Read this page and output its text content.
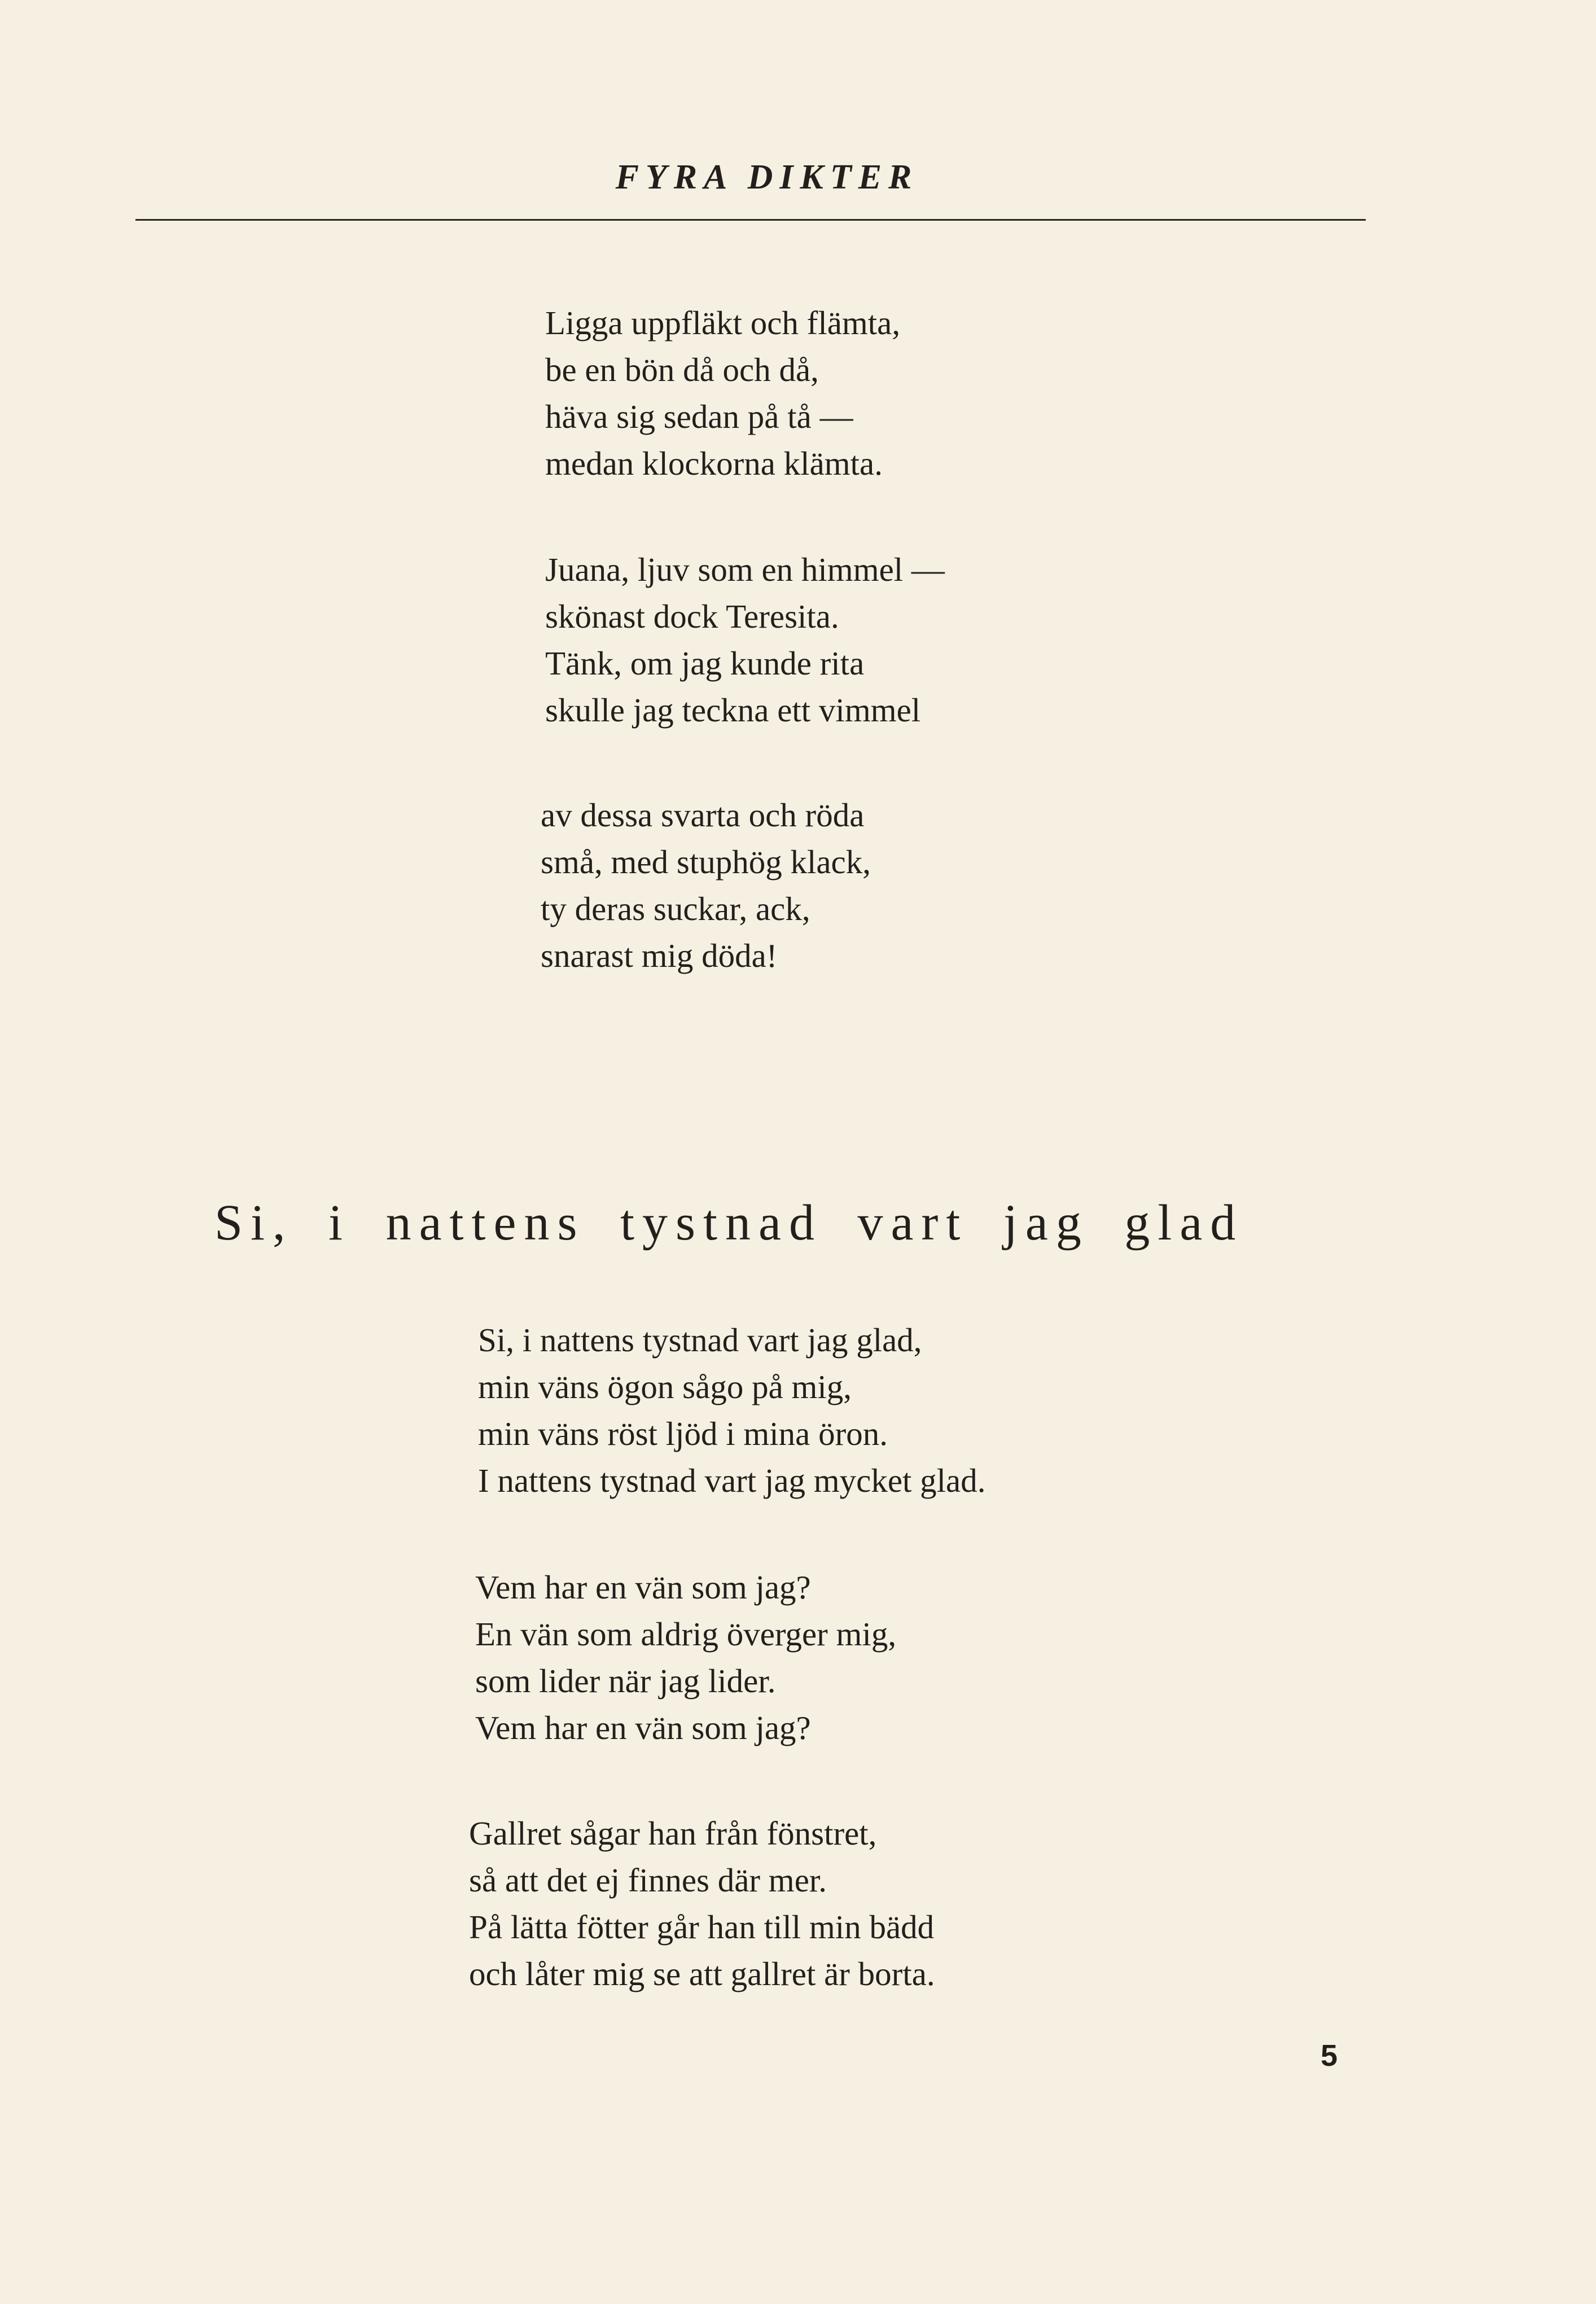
FYRA DIKTER
Ligga uppfläkt och flämta,
be en bön då och då,
häva sig sedan på tå —
medan klockorna klämta.
Juana, ljuv som en himmel —
skönast dock Teresita.
Tänk, om jag kunde rita
skulle jag teckna ett vimmel
av dessa svarta och röda
små, med stuphög klack,
ty deras suckar, ack,
snarast mig döda!
Si, i nattens tystnad vart jag glad
Si, i nattens tystnad vart jag glad,
min väns ögon sågo på mig,
min väns röst ljöd i mina öron.
I nattens tystnad vart jag mycket glad.
Vem har en vän som jag?
En vän som aldrig överger mig,
som lider när jag lider.
Vem har en vän som jag?
Gallret sågar han från fönstret,
så att det ej finnes där mer.
På lätta fötter går han till min bädd
och låter mig se att gallret är borta.
5
